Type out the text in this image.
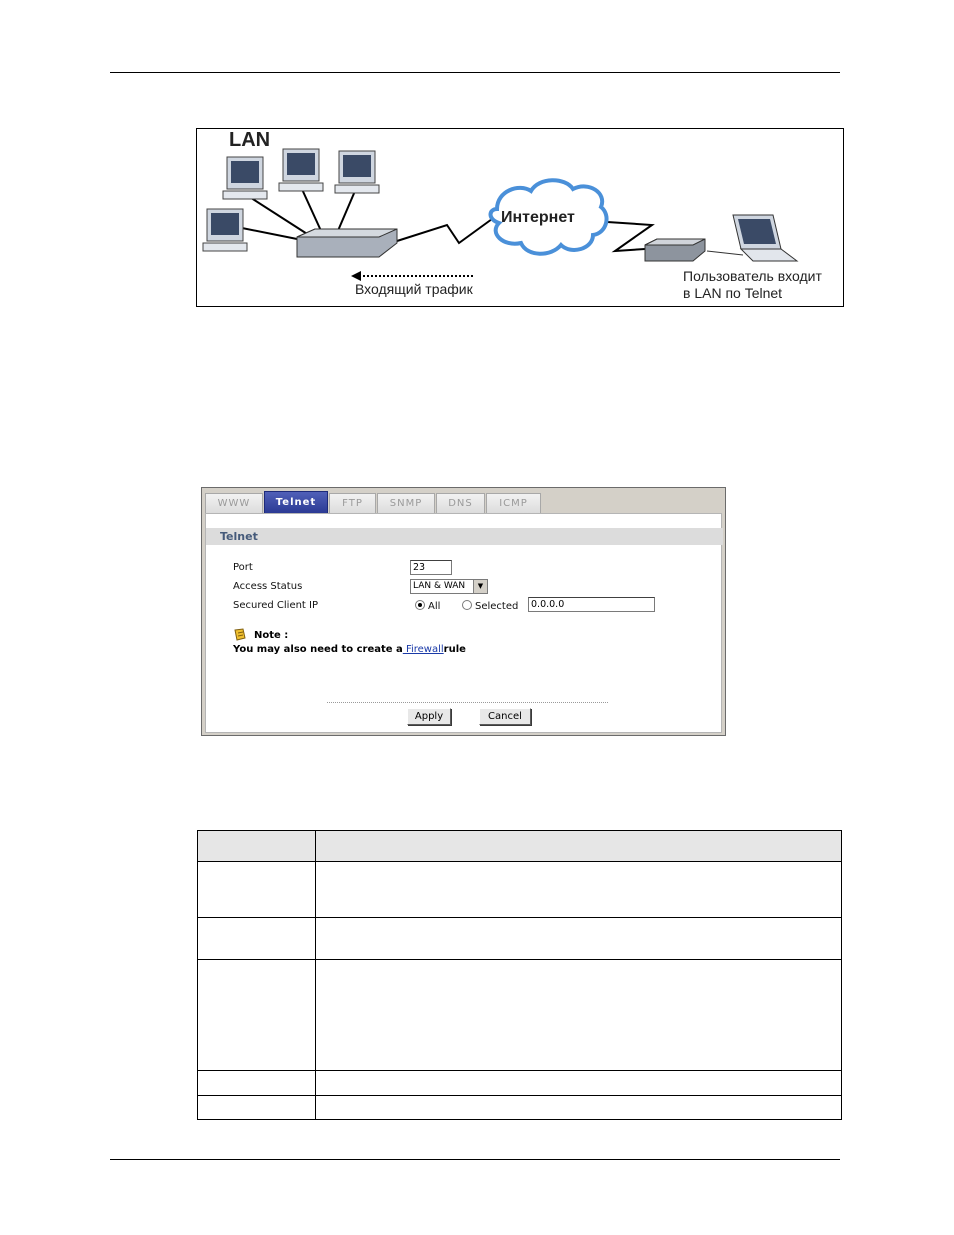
LAN
Интернет
Входящий трафик
Пользователь входит
в LAN по Telnet
WWW	Telnet	FTP	SNMP	DNS	ICMP
Telnet
Port	23
Access Status	LAN & WAN	▼
Secured Client IP	All	Selected	0.0.0.0
Note :
You may also need to create a Firewallrule
Apply	Cancel
